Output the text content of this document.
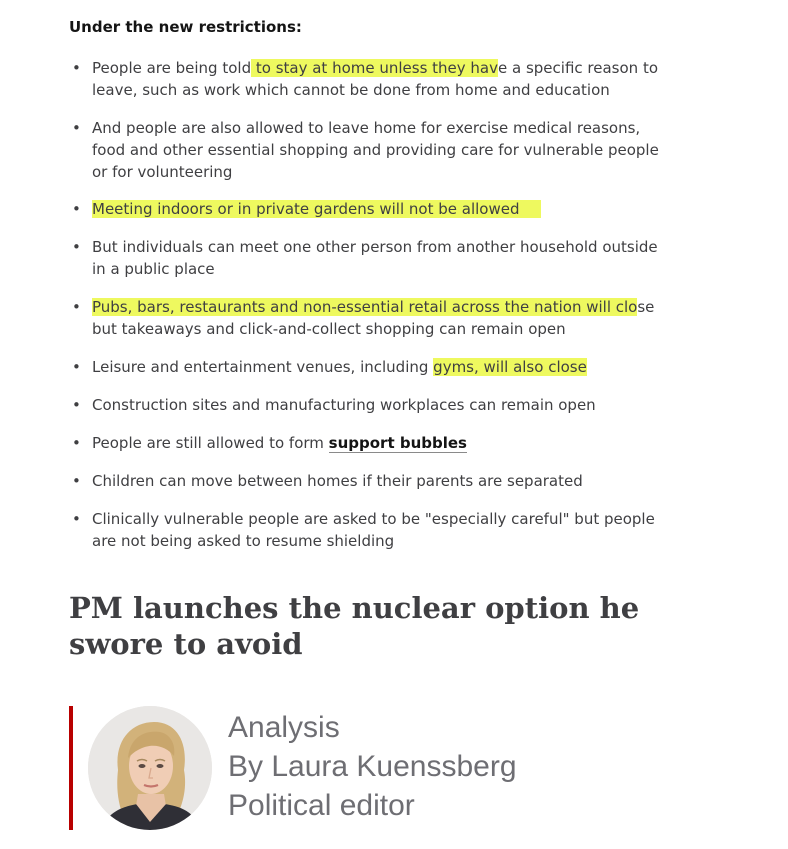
Under the new restrictions:

• People are being told to stay at home unless they have a specific reason to leave, such as work which cannot be done from home and education
• And people are also allowed to leave home for exercise medical reasons, food and other essential shopping and providing care for vulnerable people or for volunteering
• Meeting indoors or in private gardens will not be allowed
• But individuals can meet one other person from another household outside in a public place
• Pubs, bars, restaurants and non-essential retail across the nation will close but takeaways and click-and-collect shopping can remain open
• Leisure and entertainment venues, including gyms, will also close
• Construction sites and manufacturing workplaces can remain open
• People are still allowed to form support bubbles
• Children can move between homes if their parents are separated
• Clinically vulnerable people are asked to be "especially careful" but people are not being asked to resume shielding
PM launches the nuclear option he swore to avoid
Analysis
By Laura Kuenssberg
Political editor
